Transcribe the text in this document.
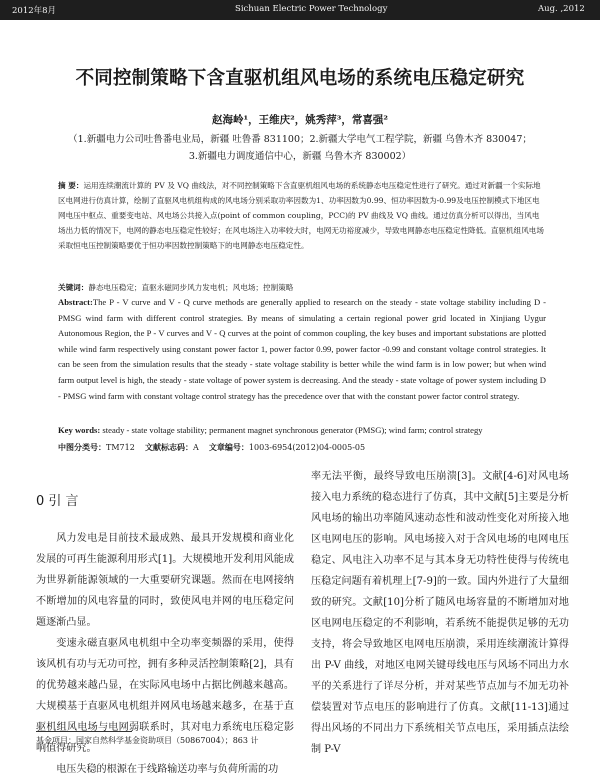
2012年8月	Sichuan Electric Power Technology	Aug. ,2012
不同控制策略下含直驱机组风电场的系统电压稳定研究
赵海岭¹，王维庆²，姚秀萍³，常喜强²
（1.新疆电力公司吐鲁番电业局，新疆 吐鲁番 831100；2.新疆大学电气工程学院，新疆 乌鲁木齐 830047；
3.新疆电力调度通信中心，新疆 乌鲁木齐 830002）
摘 要：运用连续潮流计算的 PV 及 VQ 曲线法，对不同控制策略下含直驱机组风电场的系统静态电压稳定性进行了研究。通过对新疆一个实际地区电网进行仿真计算，绘制了直驱风电机组构成的风电场分别采取功率因数为1、功率因数为0.99、恒功率因数为-0.99及电压控制模式下地区电网电压中枢点、重要变电站、风电场公共接入点(point of common coupling，PCC)的 PV 曲线及 VQ 曲线。通过仿真分析可以得出，当风电场出力低的情况下，电网的静态电压稳定性较好；在风电场注入功率较大时，电网无功裕度减少，导致电网静态电压稳定性降低。直驱机组风电场采取恒电压控制策略要优于恒功率因数控制策略下的电网静态电压稳定性。
关键词：静态电压稳定；直驱永磁同步风力发电机；风电场；控制策略
Abstract:The P - V curve and V - Q curve methods are generally applied to research on the steady - state voltage stability including D - PMSG wind farm with different control strategies. By means of simulating a certain regional power grid located in Xinjiang Uygur Autonomous Region, the P - V curves and V - Q curves at the point of common coupling, the key buses and important substations are plotted while wind farm respectively using constant power factor 1, power factor 0.99, power factor -0.99 and constant voltage control strategies. It can be seen from the simulation results that the steady - state voltage stability is better while the wind farm is in low power; but when wind farm output level is high, the steady - state voltage of power system is decreasing. And the steady - state voltage of power system including D - PMSG wind farm with constant voltage control strategy has the precedence over that with the constant power factor control strategy.
Key words: steady - state voltage stability; permanent magnet synchronous generator (PMSG); wind farm; control strategy
中图分类号：TM712 文献标志码：A 文章编号：1003-6954(2012)04-0005-05
0 引 言

风力发电是目前技术最成熟、最具开发规模和商业化发展的可再生能源利用形式[1]。大规模地开发利用风能成为世界新能源领域的一大重要研究课题。然而在电网接纳不断增加的风电容量的同时，致使风电并网的电压稳定问题逐渐凸显。

变速永磁直驱风电机组中全功率变频器的采用，使得该风机有功与无功可控，拥有多种灵活控制策略[2]，具有的优势越来越凸显，在实际风电场中占据比例越来越高。大规模基于直驱风电机组并网风电场越来越多，在基于直驱机组风电场与电网弱联系时，其对电力系统电压稳定影响值得研究。

电压失稳的根源在于线路输送功率与负荷所需的功

率无法平衡，最终导致电压崩溃[3]。文献[4-6]对风电场接入电力系统的稳态进行了仿真，其中文献[5]主要是分析风电场的输出功率随风速动态性和波动性变化对所接入地区电网电压的影响。风电场接入对于含风电场的电网电压稳定、风电注入功率不足与其本身无功特性使得与传统电压稳定问题有着机理上[7-9]的一致。国内外进行了大量细致的研究。文献[10]分析了随风电场容量的不断增加对地区电网电压稳定的不利影响，若系统不能提供足够的无功支持，将会导致地区电网电压崩溃，采用连续潮流计算得出 P-V 曲线，对地区电网关键母线电压与风场不同出力水平的关系进行了详尽分析，并对某些节点加与不加无功补偿装置对节点电压的影响进行了仿真。文献[11-13]通过得出风场的不同出力下系统相关节点电压，采用插点法绘制 P-V

基金项目：国家自然科学基金资助项目（50867004）；863 计
